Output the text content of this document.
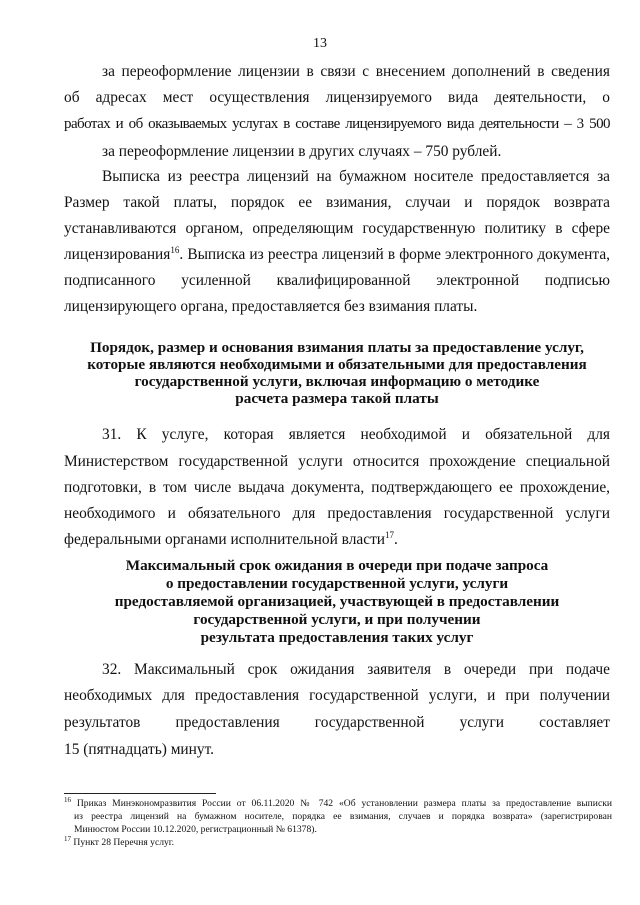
13
за переоформление лицензии в связи с внесением дополнений в сведения
об адресах мест осуществления лицензируемого вида деятельности, о
работах и об оказываемых услугах в составе лицензируемого вида деятельности – 3 500
за переоформление лицензии в других случаях – 750 рублей.
Выписка из реестра лицензий на бумажном носителе предоставляется за
Размер такой платы, порядок ее взимания, случаи и порядок возврата
устанавливаются органом, определяющим государственную политику в сфере
лицензирования$^{16}$. Выписка из реестра лицензий в форме электронного документа,
подписанного усиленной квалифицированной электронной подписью
лицензирующего органа, предоставляется без взимания платы.
Порядок, размер и основания взимания платы за предоставление услуг,
которые являются необходимыми и обязательными для предоставления
государственной услуги, включая информацию о методике
расчета размера такой платы
31. К услуге, которая является необходимой и обязательной для
Министерством государственной услуги относится прохождение специальной
подготовки, в том числе выдача документа, подтверждающего ее прохождение,
необходимого и обязательного для предоставления государственной услуги
федеральными органами исполнительной власти$^{17}$.
Максимальный срок ожидания в очереди при подаче запроса
о предоставлении государственной услуги, услуги
предоставляемой организацией, участвующей в предоставлении
государственной услуги, и при получении
результата предоставления таких услуг
32. Максимальный срок ожидания заявителя в очереди при подаче
необходимых для предоставления государственной услуги, и при получении
результатов предоставления государственной услуги составляет
15 (пятнадцать) минут.
$^{16}$ Приказ Минэкономразвития России от 06.11.2020 № 742 «Об установлении размера платы за предоставление выписки
из реестра лицензий на бумажном носителе, порядка ее взимания, случаев и порядка возврата» (зарегистрирован
Минюстом России 10.12.2020, регистрационный № 61378).
$^{17}$ Пункт 28 Перечня услуг.
